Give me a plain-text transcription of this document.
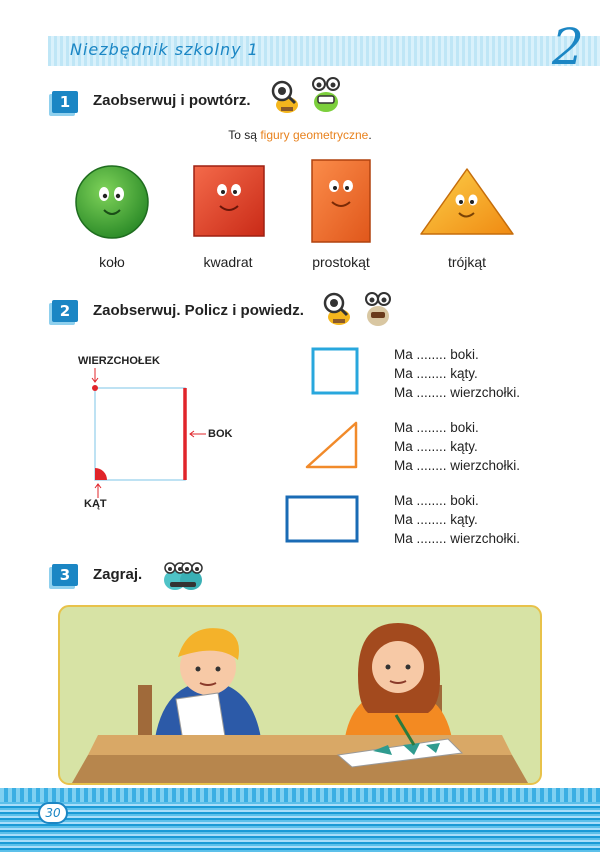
Niezbędnik szkolny 1	2
1	Zaobserwuj i powtórz.
To są figury geometryczne.
koło	kwadrat	prostokąt	trójkąt
2	Zaobserwuj. Policz i powiedz.
WIERZCHOŁEK
BOK
KĄT
Ma ........ boki.
Ma ........ kąty.
Ma ........ wierzchołki.
Ma ........ boki.
Ma ........ kąty.
Ma ........ wierzchołki.
Ma ........ boki.
Ma ........ kąty.
Ma ........ wierzchołki.
3	Zagraj.
30
